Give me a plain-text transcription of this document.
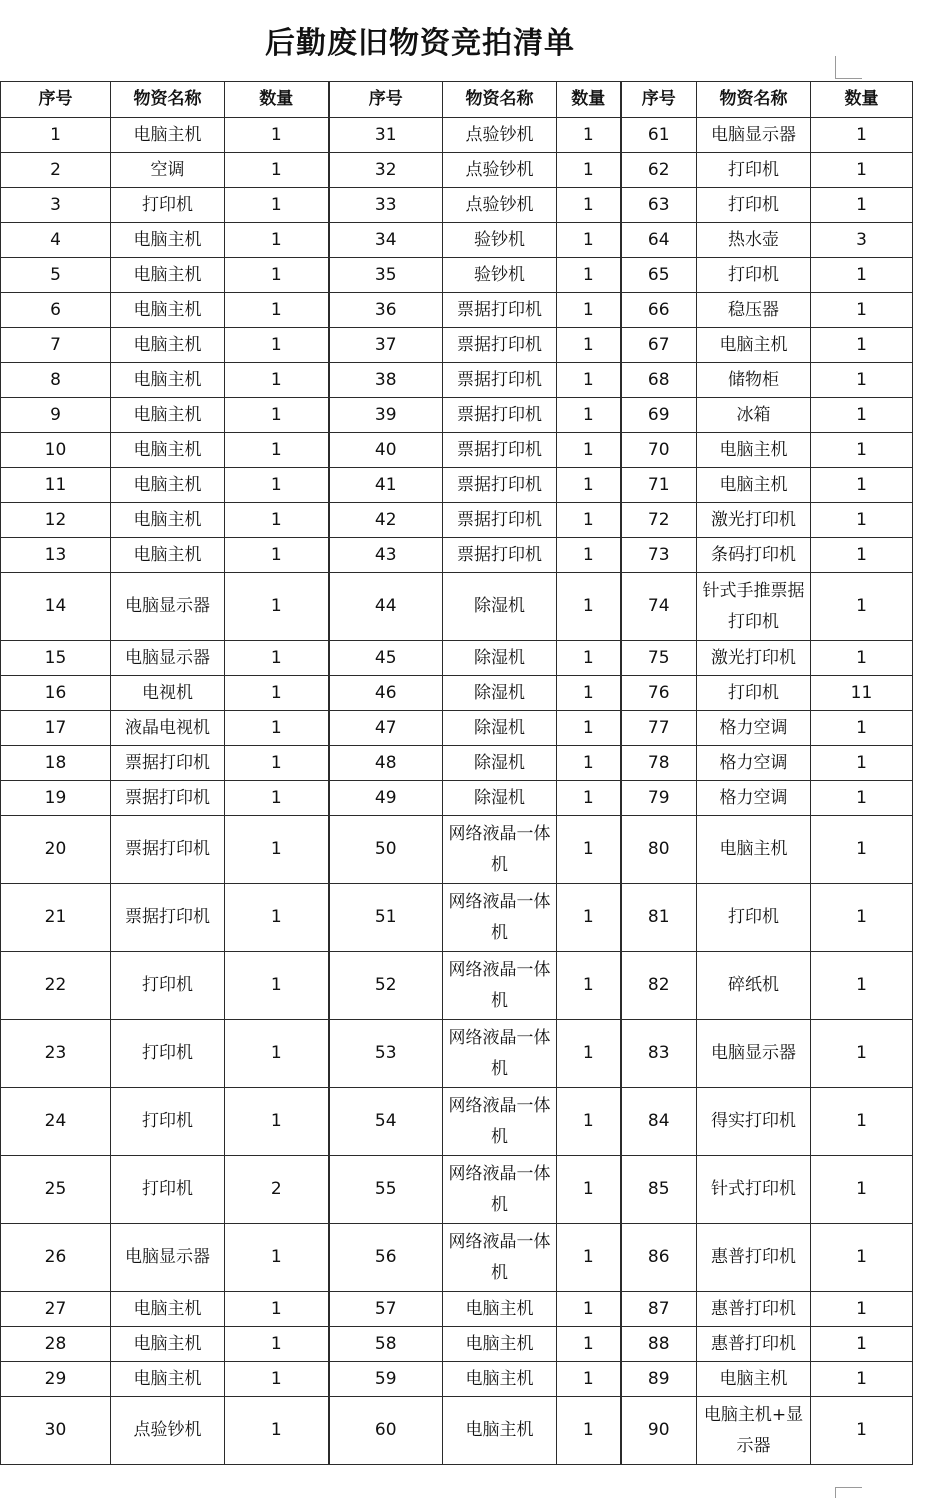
后勤废旧物资竞拍清单
序号	物资名称	数量	序号	物资名称	数量	序号	物资名称	数量
1	电脑主机	1	31	点验钞机	1	61	电脑显示器	1
2	空调	1	32	点验钞机	1	62	打印机	1
3	打印机	1	33	点验钞机	1	63	打印机	1
4	电脑主机	1	34	验钞机	1	64	热水壶	3
5	电脑主机	1	35	验钞机	1	65	打印机	1
6	电脑主机	1	36	票据打印机	1	66	稳压器	1
7	电脑主机	1	37	票据打印机	1	67	电脑主机	1
8	电脑主机	1	38	票据打印机	1	68	储物柜	1
9	电脑主机	1	39	票据打印机	1	69	冰箱	1
10	电脑主机	1	40	票据打印机	1	70	电脑主机	1
11	电脑主机	1	41	票据打印机	1	71	电脑主机	1
12	电脑主机	1	42	票据打印机	1	72	激光打印机	1
13	电脑主机	1	43	票据打印机	1	73	条码打印机	1
14	电脑显示器	1	44	除湿机	1	74	针式手推票据打印机	1
15	电脑显示器	1	45	除湿机	1	75	激光打印机	1
16	电视机	1	46	除湿机	1	76	打印机	11
17	液晶电视机	1	47	除湿机	1	77	格力空调	1
18	票据打印机	1	48	除湿机	1	78	格力空调	1
19	票据打印机	1	49	除湿机	1	79	格力空调	1
20	票据打印机	1	50	网络液晶一体机	1	80	电脑主机	1
21	票据打印机	1	51	网络液晶一体机	1	81	打印机	1
22	打印机	1	52	网络液晶一体机	1	82	碎纸机	1
23	打印机	1	53	网络液晶一体机	1	83	电脑显示器	1
24	打印机	1	54	网络液晶一体机	1	84	得实打印机	1
25	打印机	2	55	网络液晶一体机	1	85	针式打印机	1
26	电脑显示器	1	56	网络液晶一体机	1	86	惠普打印机	1
27	电脑主机	1	57	电脑主机	1	87	惠普打印机	1
28	电脑主机	1	58	电脑主机	1	88	惠普打印机	1
29	电脑主机	1	59	电脑主机	1	89	电脑主机	1
30	点验钞机	1	60	电脑主机	1	90	电脑主机+显示器	1
